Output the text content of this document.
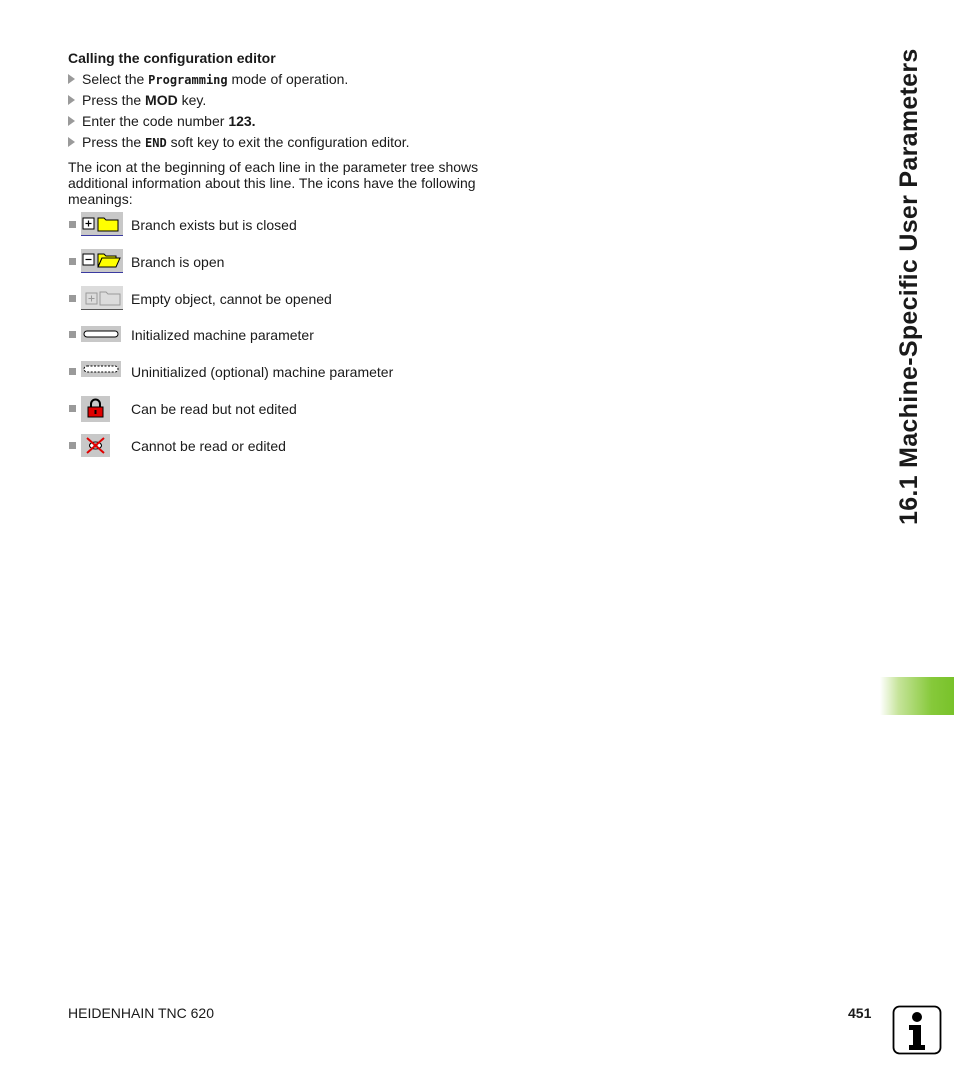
Calling the configuration editor
Select the Programming mode of operation.
Press the MOD key.
Enter the code number 123.
Press the END soft key to exit the configuration editor.
The icon at the beginning of each line in the parameter tree shows additional information about this line. The icons have the following meanings:
Branch exists but is closed
Branch is open
Empty object, cannot be opened
Initialized machine parameter
Uninitialized (optional) machine parameter
Can be read but not edited
Cannot be read or edited	16.1 Machine-Specific User Parameters
HEIDENHAIN TNC 620	451
